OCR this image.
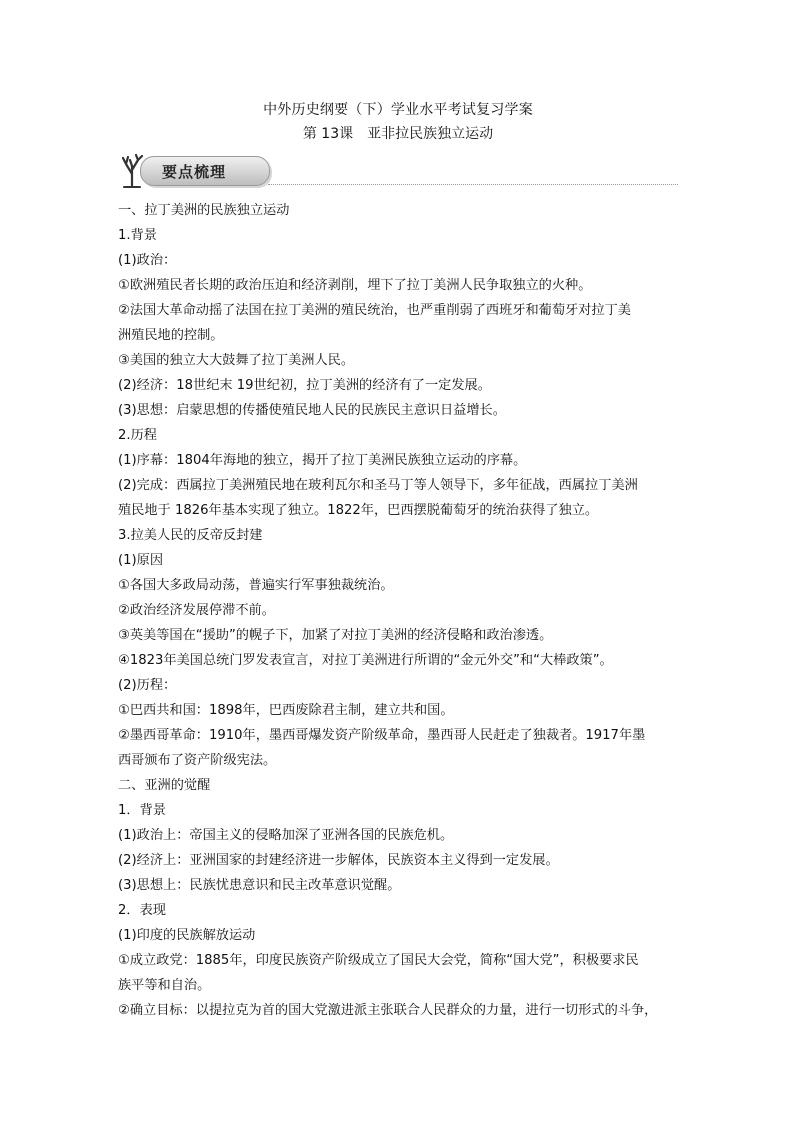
中外历史纲要（下）学业水平考试复习学案

第 13课　亚非拉民族独立运动

要点梳理

一、拉丁美洲的民族独立运动

1.背景

(1)政治：

①欧洲殖民者长期的政治压迫和经济剥削，埋下了拉丁美洲人民争取独立的火种。

②法国大革命动摇了法国在拉丁美洲的殖民统治，也严重削弱了西班牙和葡萄牙对拉丁美

洲殖民地的控制。

③美国的独立大大鼓舞了拉丁美洲人民。

(2)经济：18世纪末 19世纪初，拉丁美洲的经济有了一定发展。

(3)思想：启蒙思想的传播使殖民地人民的民族民主意识日益增长。

2.历程

(1)序幕：1804年海地的独立，揭开了拉丁美洲民族独立运动的序幕。

(2)完成：西属拉丁美洲殖民地在玻利瓦尔和圣马丁等人领导下，多年征战，西属拉丁美洲

殖民地于 1826年基本实现了独立。1822年，巴西摆脱葡萄牙的统治获得了独立。

3.拉美人民的反帝反封建

(1)原因

①各国大多政局动荡，普遍实行军事独裁统治。

②政治经济发展停滞不前。

③英美等国在“援助”的幌子下，加紧了对拉丁美洲的经济侵略和政治渗透。

④1823年美国总统门罗发表宣言，对拉丁美洲进行所谓的“金元外交”和“大棒政策”。

(2)历程：

①巴西共和国：1898年，巴西废除君主制，建立共和国。

②墨西哥革命：1910年，墨西哥爆发资产阶级革命，墨西哥人民赶走了独裁者。1917年墨

西哥颁布了资产阶级宪法。

二、亚洲的觉醒

1．背景

(1)政治上：帝国主义的侵略加深了亚洲各国的民族危机。

(2)经济上：亚洲国家的封建经济进一步解体，民族资本主义得到一定发展。

(3)思想上：民族忧患意识和民主改革意识觉醒。

2．表现

(1)印度的民族解放运动

①成立政党：1885年，印度民族资产阶级成立了国民大会党，简称“国大党”，积极要求民

族平等和自治。

②确立目标：以提拉克为首的国大党激进派主张联合人民群众的力量，进行一切形式的斗争，
